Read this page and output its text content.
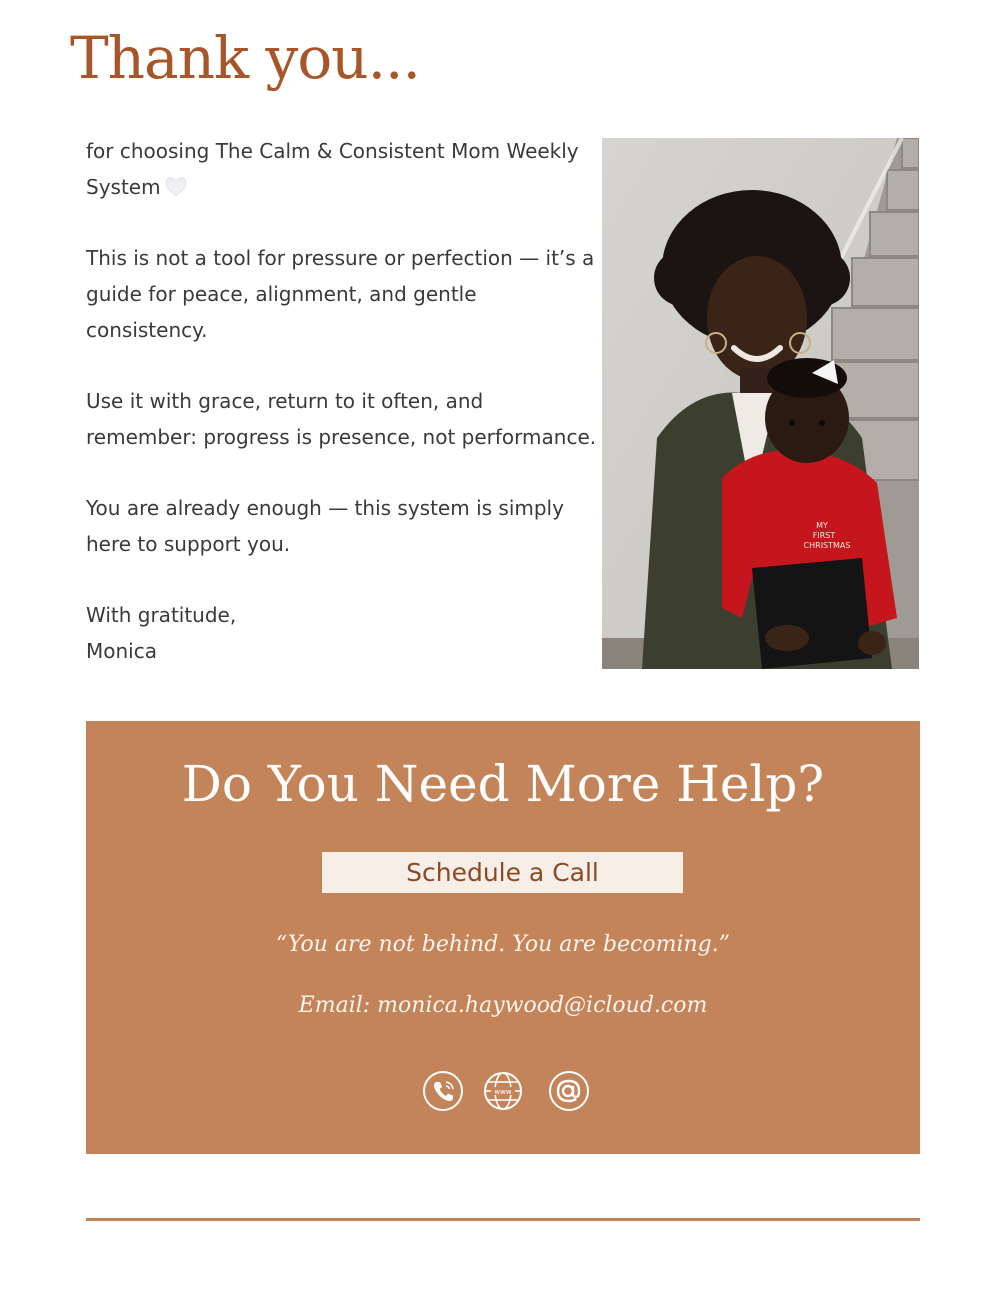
Thank you...

for choosing The Calm & Consistent Mom Weekly System

This is not a tool for pressure or perfection — it’s a guide for peace, alignment, and gentle consistency.

Use it with grace, return to it often, and remember: progress is presence, not performance.

You are already enough — this system is simply here to support you.

With gratitude,
Monica

MY
FIRST
CHRISTMAS
Do You Need More Help?
Schedule a Call
“You are not behind. You are becoming.”
Email: monica.haywood@icloud.com
www
